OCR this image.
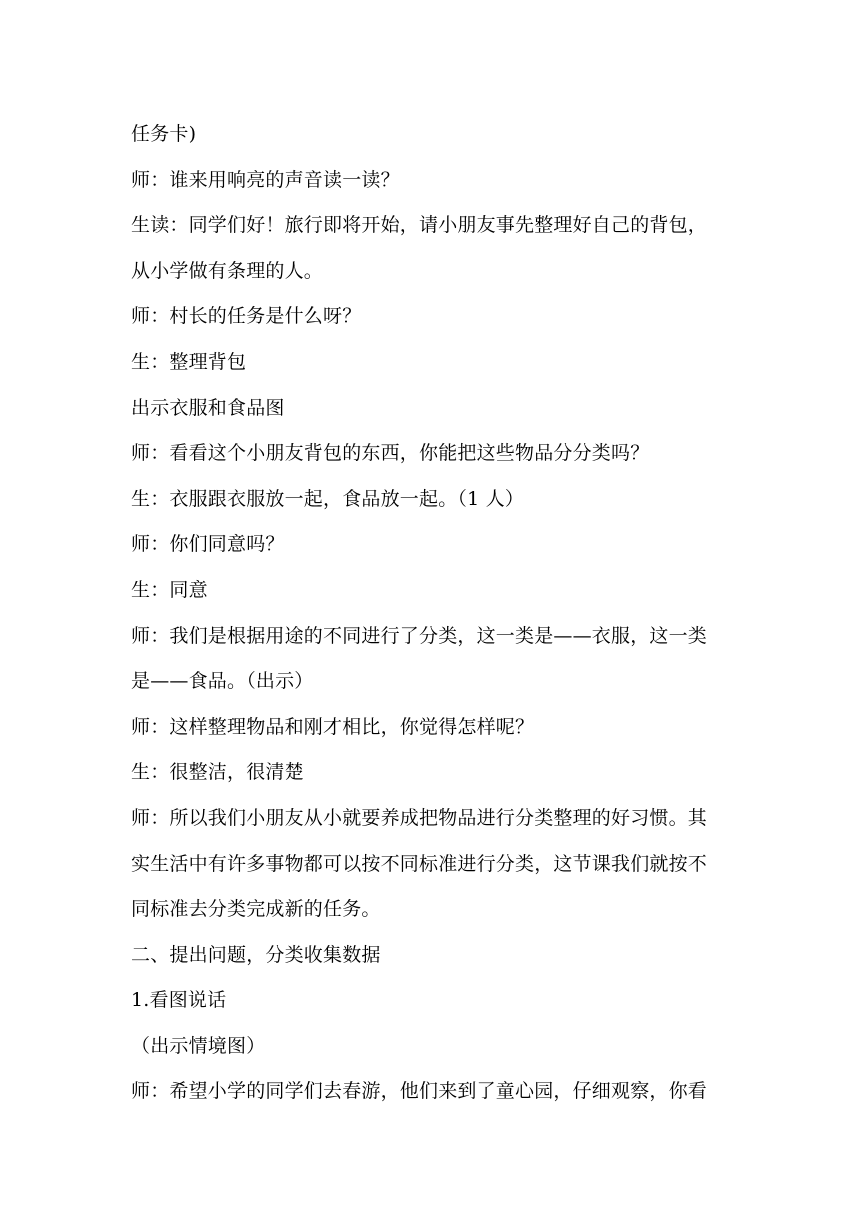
任务卡)
师：谁来用响亮的声音读一读？
生读：同学们好！旅行即将开始，请小朋友事先整理好自己的背包，
从小学做有条理的人。
师：村长的任务是什么呀？
生：整理背包
出示衣服和食品图
师：看看这个小朋友背包的东西，你能把这些物品分分类吗？
生：衣服跟衣服放一起，食品放一起。（1 人）
师：你们同意吗？
生：同意
师：我们是根据用途的不同进行了分类，这一类是——衣服，这一类
是——食品。（出示）
师：这样整理物品和刚才相比，你觉得怎样呢？
生：很整洁，很清楚
师：所以我们小朋友从小就要养成把物品进行分类整理的好习惯。其
实生活中有许多事物都可以按不同标准进行分类，这节课我们就按不
同标准去分类完成新的任务。
二、提出问题，分类收集数据
1.看图说话
（出示情境图）
师：希望小学的同学们去春游，他们来到了童心园，仔细观察，你看
